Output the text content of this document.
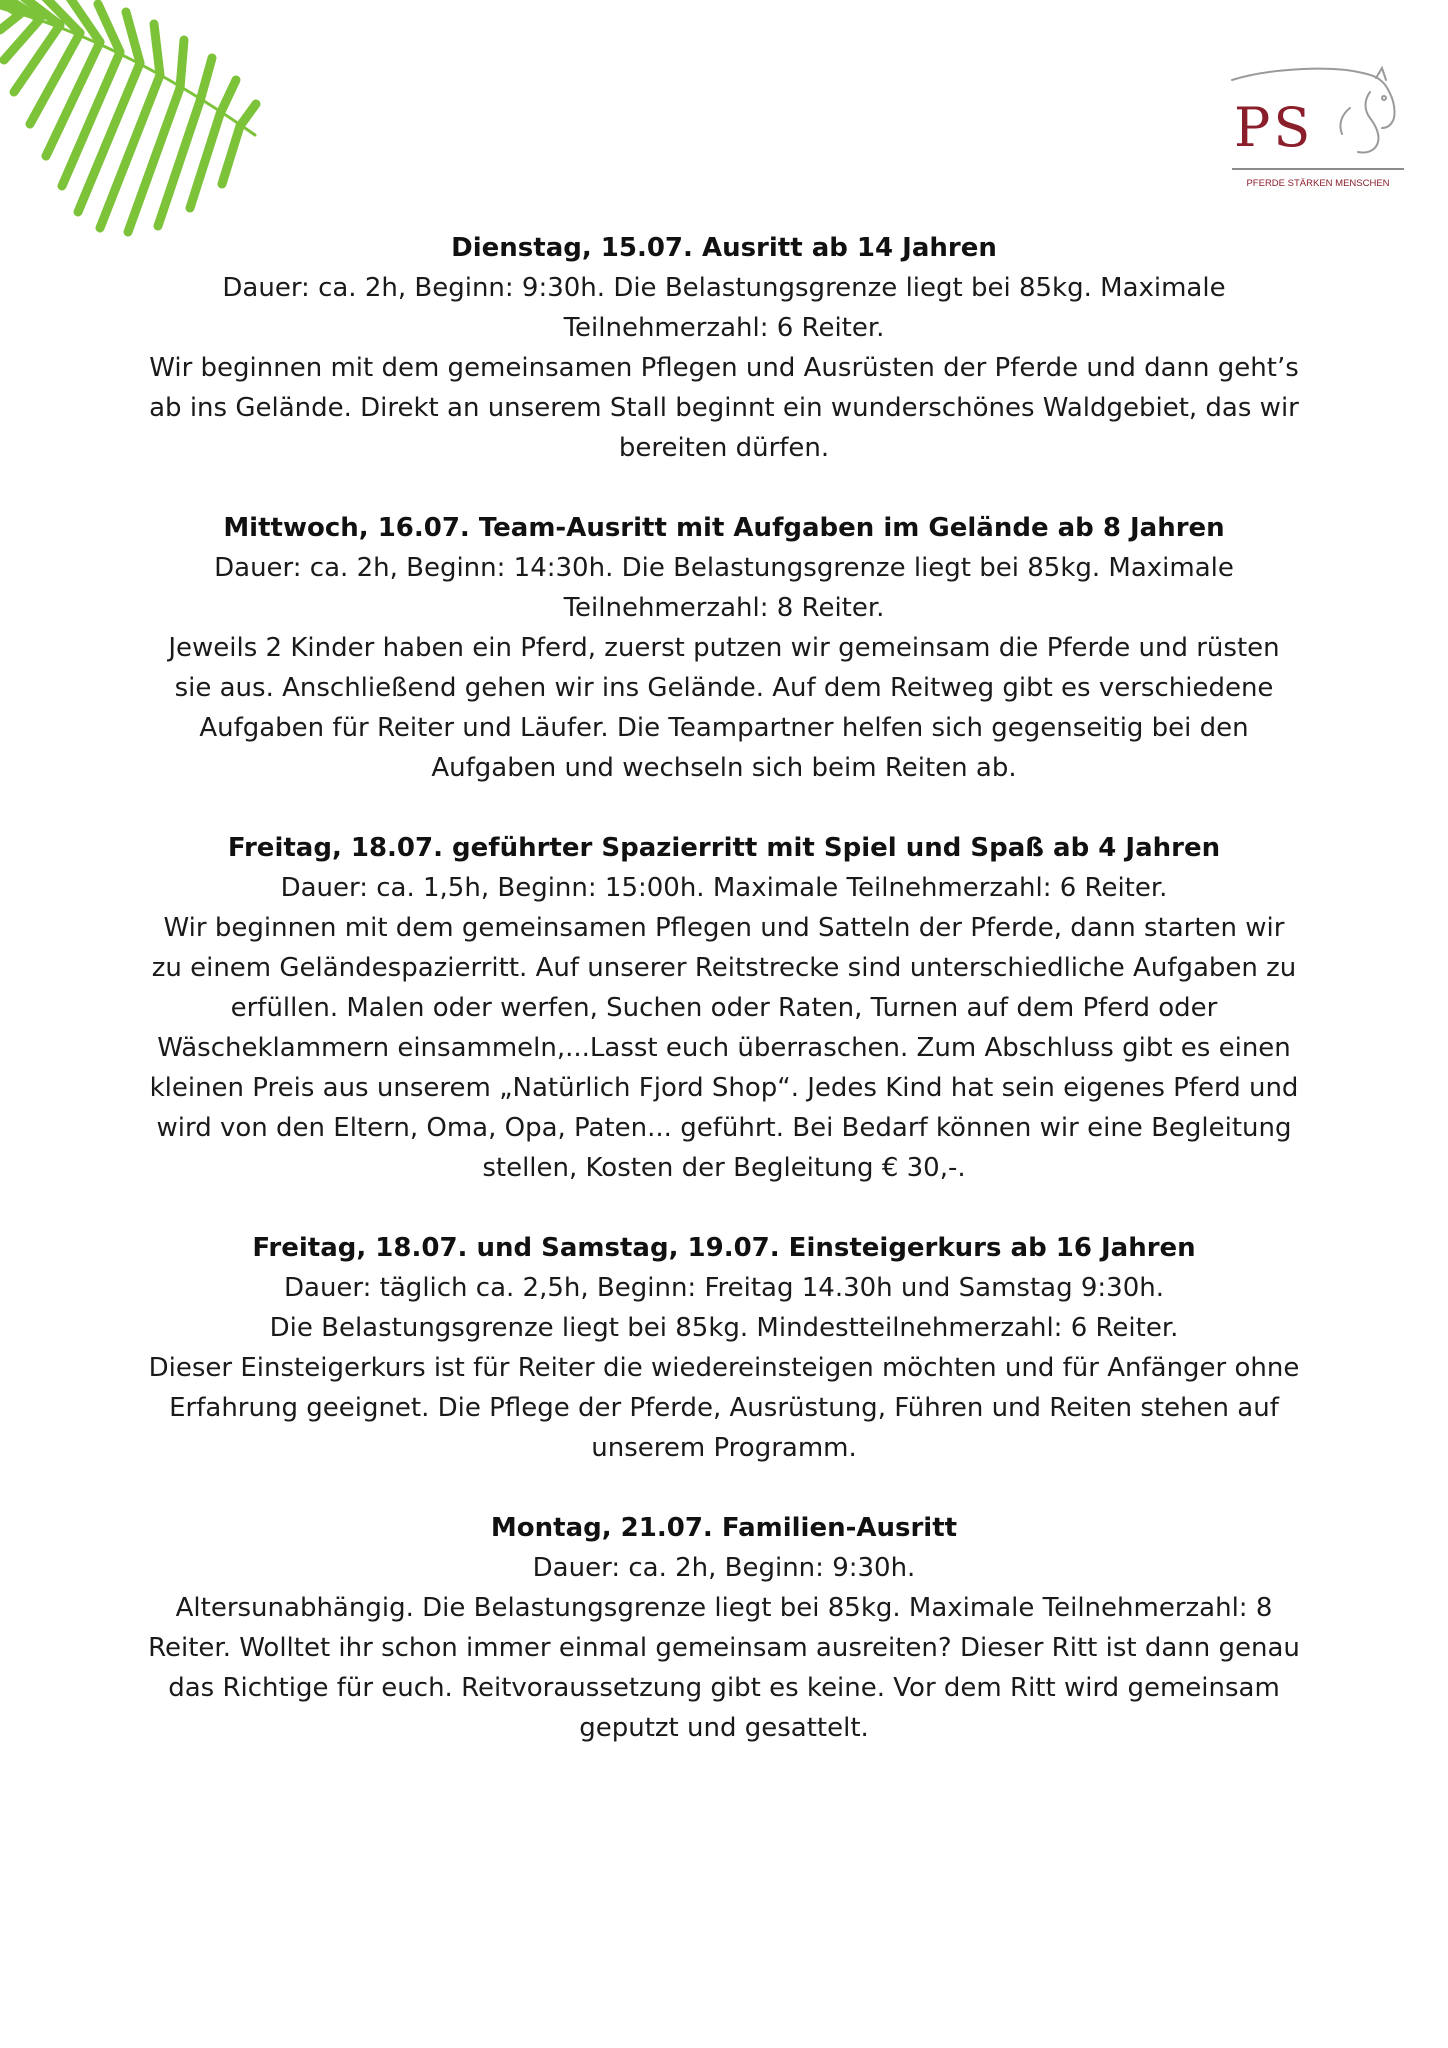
PS
PFERDE STÄRKEN MENSCHEN
Dienstag, 15.07. Ausritt ab 14 Jahren

Dauer: ca. 2h, Beginn: 9:30h. Die Belastungsgrenze liegt bei 85kg. Maximale

Teilnehmerzahl: 6 Reiter.

Wir beginnen mit dem gemeinsamen Pflegen und Ausrüsten der Pferde und dann geht’s

ab ins Gelände. Direkt an unserem Stall beginnt ein wunderschönes Waldgebiet, das wir

bereiten dürfen.

Mittwoch, 16.07. Team-Ausritt mit Aufgaben im Gelände ab 8 Jahren

Dauer: ca. 2h, Beginn: 14:30h. Die Belastungsgrenze liegt bei 85kg. Maximale

Teilnehmerzahl: 8 Reiter.

Jeweils 2 Kinder haben ein Pferd, zuerst putzen wir gemeinsam die Pferde und rüsten

sie aus. Anschließend gehen wir ins Gelände. Auf dem Reitweg gibt es verschiedene

Aufgaben für Reiter und Läufer. Die Teampartner helfen sich gegenseitig bei den

Aufgaben und wechseln sich beim Reiten ab.

Freitag, 18.07. geführter Spazierritt mit Spiel und Spaß ab 4 Jahren

Dauer: ca. 1,5h, Beginn: 15:00h. Maximale Teilnehmerzahl: 6 Reiter.

Wir beginnen mit dem gemeinsamen Pflegen und Satteln der Pferde, dann starten wir

zu einem Geländespazierritt. Auf unserer Reitstrecke sind unterschiedliche Aufgaben zu

erfüllen. Malen oder werfen, Suchen oder Raten, Turnen auf dem Pferd oder

Wäscheklammern einsammeln,...Lasst euch überraschen. Zum Abschluss gibt es einen

kleinen Preis aus unserem „Natürlich Fjord Shop“. Jedes Kind hat sein eigenes Pferd und

wird von den Eltern, Oma, Opa, Paten... geführt. Bei Bedarf können wir eine Begleitung

stellen, Kosten der Begleitung € 30,-.

Freitag, 18.07. und Samstag, 19.07. Einsteigerkurs ab 16 Jahren

Dauer: täglich ca. 2,5h, Beginn: Freitag 14.30h und Samstag 9:30h.

Die Belastungsgrenze liegt bei 85kg. Mindestteilnehmerzahl: 6 Reiter.

Dieser Einsteigerkurs ist für Reiter die wiedereinsteigen möchten und für Anfänger ohne

Erfahrung geeignet. Die Pflege der Pferde, Ausrüstung, Führen und Reiten stehen auf

unserem Programm.

Montag, 21.07. Familien-Ausritt

Dauer: ca. 2h, Beginn: 9:30h.

Altersunabhängig. Die Belastungsgrenze liegt bei 85kg. Maximale Teilnehmerzahl: 8

Reiter. Wolltet ihr schon immer einmal gemeinsam ausreiten? Dieser Ritt ist dann genau

das Richtige für euch. Reitvoraussetzung gibt es keine. Vor dem Ritt wird gemeinsam

geputzt und gesattelt.
